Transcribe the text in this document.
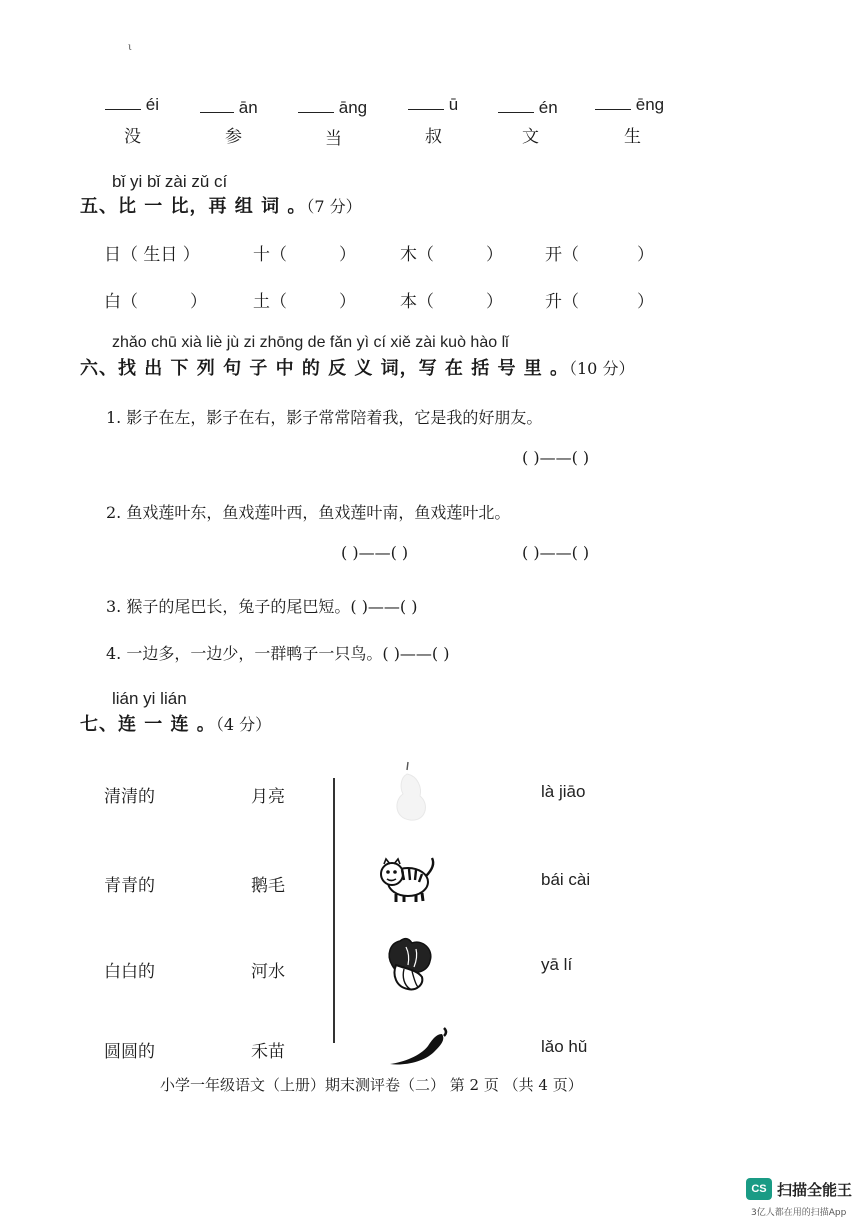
ι
éi	ān	āng	ū	én	ēng
没	参	当	叔	文	生
bǐ yi bǐ zài zǔ cí
五、比 一 比，再 组 词 。（7 分）
日（ 生日 ）	十（	）	木（	） 开（	）
白（	）	土（	）	本（	） 升（	）
zhǎo chū xià liè jù zi zhōng de fǎn yì cí xiě zài kuò hào lǐ
六、找 出 下 列 句 子 中 的 反 义 词，写 在 括 号 里 。（10 分）
1. 影子在左，影子在右，影子常常陪着我，它是我的好朋友。
( )——( )
2. 鱼戏莲叶东，鱼戏莲叶西，鱼戏莲叶南，鱼戏莲叶北。
( )——( )	( )——( )
3. 猴子的尾巴长，兔子的尾巴短。( )——( )
4. 一边多，一边少，一群鸭子一只鸟。( )——( )
lián yi lián
七、连 一 连 。（4 分）
清清的
青青的
白白的
圆圆的
月亮
鹅毛
河水
禾苗
là jiāo
bái cài
yā lí
lǎo hǔ
小学一年级语文（上册）期末测评卷（二） 第 2 页 （共 4 页）
CS 扫描全能王
3亿人都在用的扫描App
